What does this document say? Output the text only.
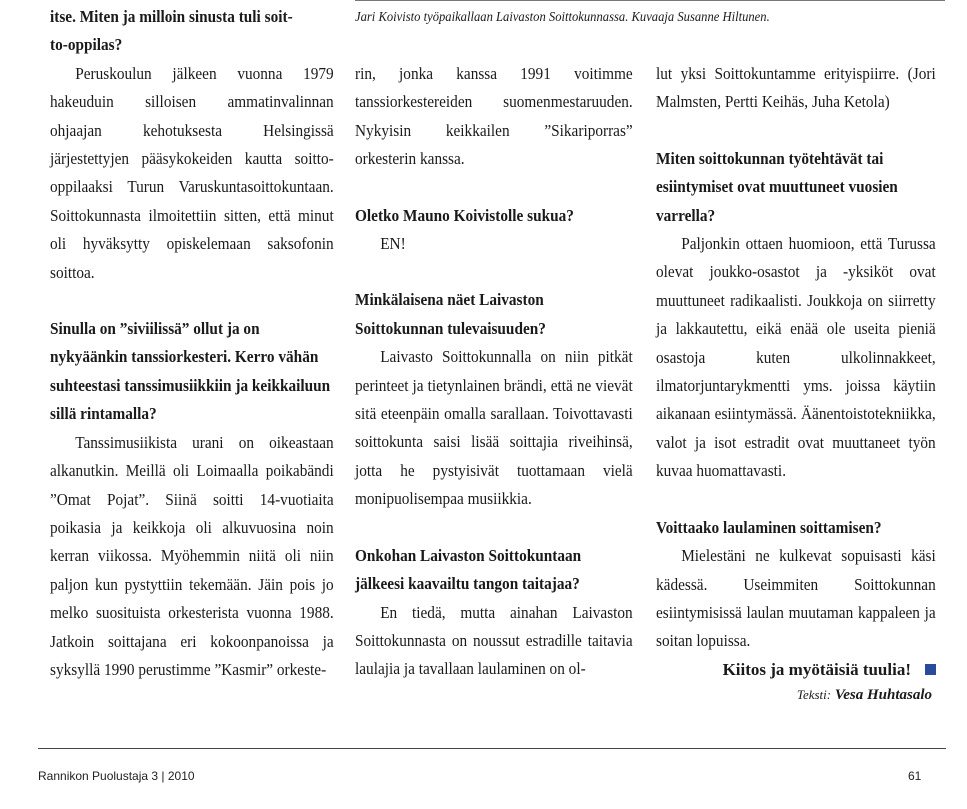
Jari Koivisto työpaikallaan Laivaston Soittokunnassa. Kuvaaja Susanne Hiltunen.

itse. Miten ja milloin sinusta tuli soit-
to-oppilas?

Peruskoulun jälkeen vuonna 1979 hakeuduin silloisen ammatinvalinnan ohjaajan kehotuksesta Helsingissä järjestettyjen pääsykokeiden kautta soitto-oppilaaksi Turun Varuskuntasoittokuntaan. Soittokunnasta ilmoitettiin sitten, että minut oli hyväksytty opiskelemaan saksofonin soittoa.

Sinulla on ”siviilissä” ollut ja on nykyäänkin tanssiorkesteri. Kerro vähän suhteestasi tanssimusiikkiin ja keikkailuun sillä rintamalla?

Tanssimusiikista urani on oikeastaan alkanutkin. Meillä oli Loimaalla poikabändi ”Omat Pojat”. Siinä soitti 14-vuotiaita poikasia ja keikkoja oli alkuvuosina noin kerran viikossa. Myöhemmin niitä oli niin paljon kun pystyttiin tekemään. Jäin pois jo melko suosituista orkesterista vuonna 1988. Jatkoin soittajana eri kokoonpanoissa ja syksyllä 1990 perustimme ”Kasmir” orkeste-

rin, jonka kanssa 1991 voitimme tanssiorkestereiden suomenmestaruuden. Nykyisin keikkailen ”Sikariporras” orkesterin kanssa.

Oletko Mauno Koivistolle sukua?

EN!

Minkälaisena näet Laivaston Soittokunnan tulevaisuuden?

Laivasto Soittokunnalla on niin pitkät perinteet ja tietynlainen brändi, että ne vievät sitä eteenpäin omalla sarallaan. Toivottavasti soittokunta saisi lisää soittajia riveihinsä, jotta he pystyisivät tuottamaan vielä monipuolisempaa musiikkia.

Onkohan Laivaston Soittokuntaan jälkeesi kaavailtu tangon taitajaa?

En tiedä, mutta ainahan Laivaston Soittokunnasta on noussut estradille taitavia laulajia ja tavallaan laulaminen on ol-

lut yksi Soittokuntamme erityispiirre. (Jori Malmsten, Pertti Keihäs, Juha Ketola)

Miten soittokunnan työtehtävät tai esiintymiset ovat muuttuneet vuosien varrella?

Paljonkin ottaen huomioon, että Turussa olevat joukko-osastot ja -yksiköt ovat muuttuneet radikaalisti. Joukkoja on siirretty ja lakkautettu, eikä enää ole useita pieniä osastoja kuten ulkolinnakkeet, ilmatorjuntarykmentti yms. joissa käytiin aikanaan esiintymässä. Äänentoistotekniikka, valot ja isot estradit ovat muuttaneet työn kuvaa huomattavasti.

Voittaako laulaminen soittamisen?

Mielestäni ne kulkevat sopuisasti käsi kädessä. Useimmiten Soittokunnan esiintymisissä laulan muutaman kappaleen ja soitan lopuissa.

Kiitos ja myötäisiä tuulia!

Teksti: Vesa Huhtasalo
Rannikon Puolustaja 3 | 2010	61
